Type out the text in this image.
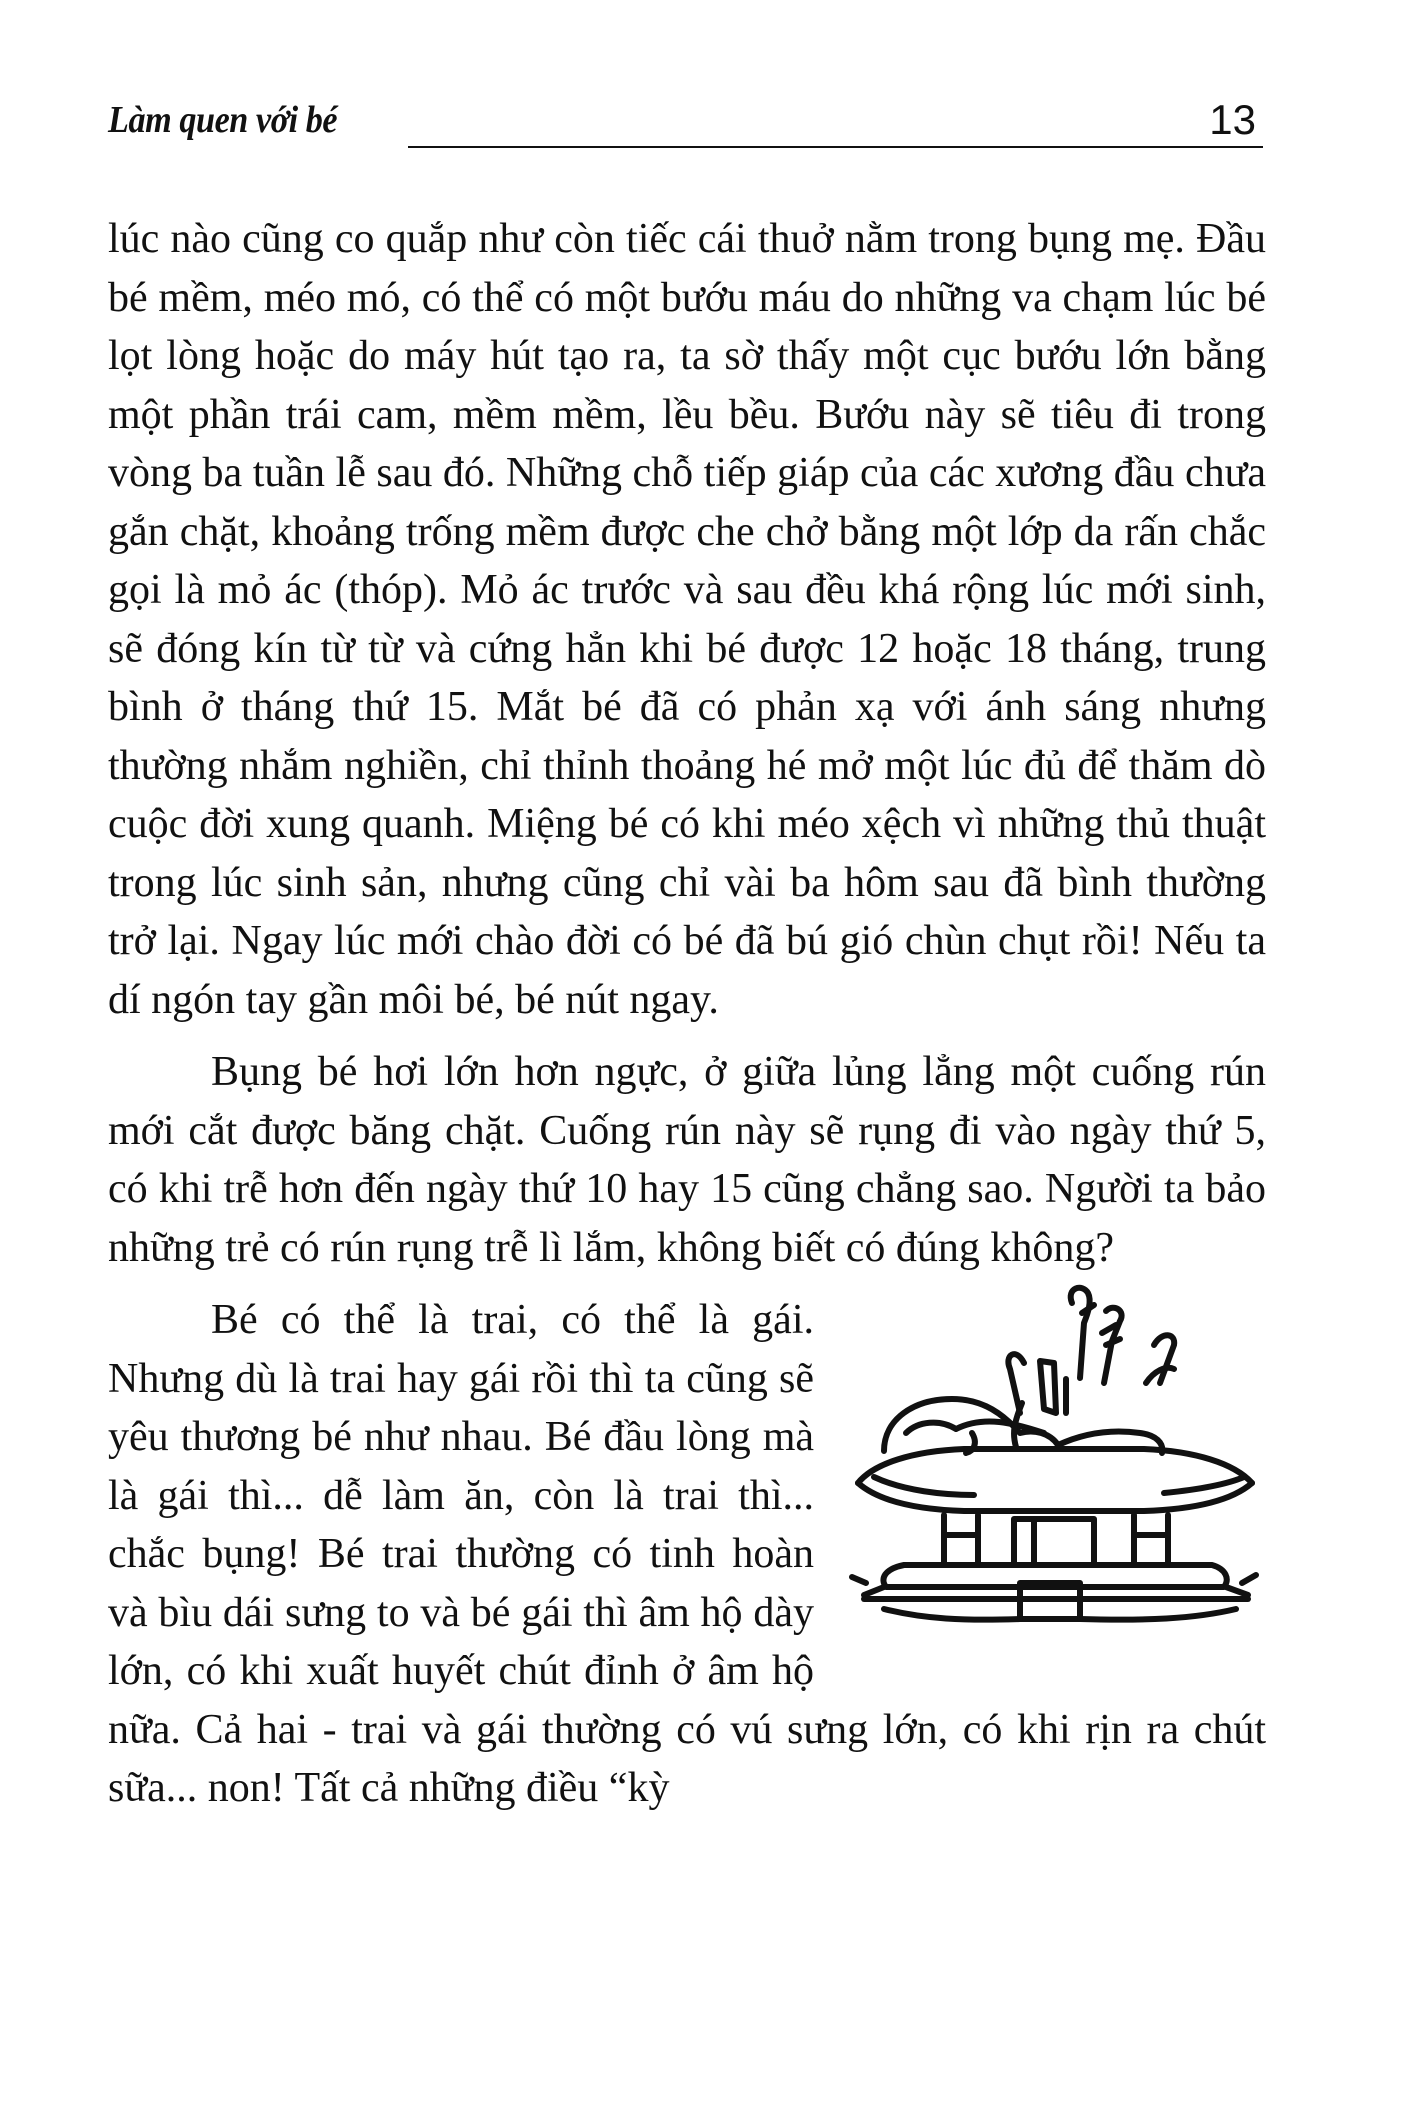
Làm quen với bé	13

lúc nào cũng co quắp như còn tiếc cái thuở nằm trong bụng mẹ. Đầu bé mềm, méo mó, có thể có một bướu máu do những va chạm lúc bé lọt lòng hoặc do máy hút tạo ra, ta sờ thấy một cục bướu lớn bằng một phần trái cam, mềm mềm, lều bều. Bướu này sẽ tiêu đi trong vòng ba tuần lễ sau đó. Những chỗ tiếp giáp của các xương đầu chưa gắn chặt, khoảng trống mềm được che chở bằng một lớp da rấn chắc gọi là mỏ ác (thóp). Mỏ ác trước và sau đều khá rộng lúc mới sinh, sẽ đóng kín từ từ và cứng hẳn khi bé được 12 hoặc 18 tháng, trung bình ở tháng thứ 15. Mắt bé đã có phản xạ với ánh sáng nhưng thường nhắm nghiền, chỉ thỉnh thoảng hé mở một lúc đủ để thăm dò cuộc đời xung quanh. Miệng bé có khi méo xệch vì những thủ thuật trong lúc sinh sản, nhưng cũng chỉ vài ba hôm sau đã bình thường trở lại. Ngay lúc mới chào đời có bé đã bú gió chùn chụt rồi! Nếu ta dí ngón tay gần môi bé, bé nút ngay.

Bụng bé hơi lớn hơn ngực, ở giữa lủng lẳng một cuống rún mới cắt được băng chặt. Cuống rún này sẽ rụng đi vào ngày thứ 5, có khi trễ hơn đến ngày thứ 10 hay 15 cũng chẳng sao. Người ta bảo những trẻ có rún rụng trễ lì lắm, không biết có đúng không?

Bé có thể là trai, có thể là gái. Nhưng dù là trai hay gái rồi thì ta cũng sẽ yêu thương bé như nhau. Bé đầu lòng mà là gái thì... dễ làm ăn, còn là trai thì... chắc bụng! Bé trai thường có tinh hoàn và bìu dái sưng to và bé gái thì âm hộ dày lớn, có khi xuất huyết chút đỉnh ở âm hộ nữa. Cả hai - trai và gái thường có vú sưng lớn, có khi rịn ra chút sữa... non! Tất cả những điều “kỳ
